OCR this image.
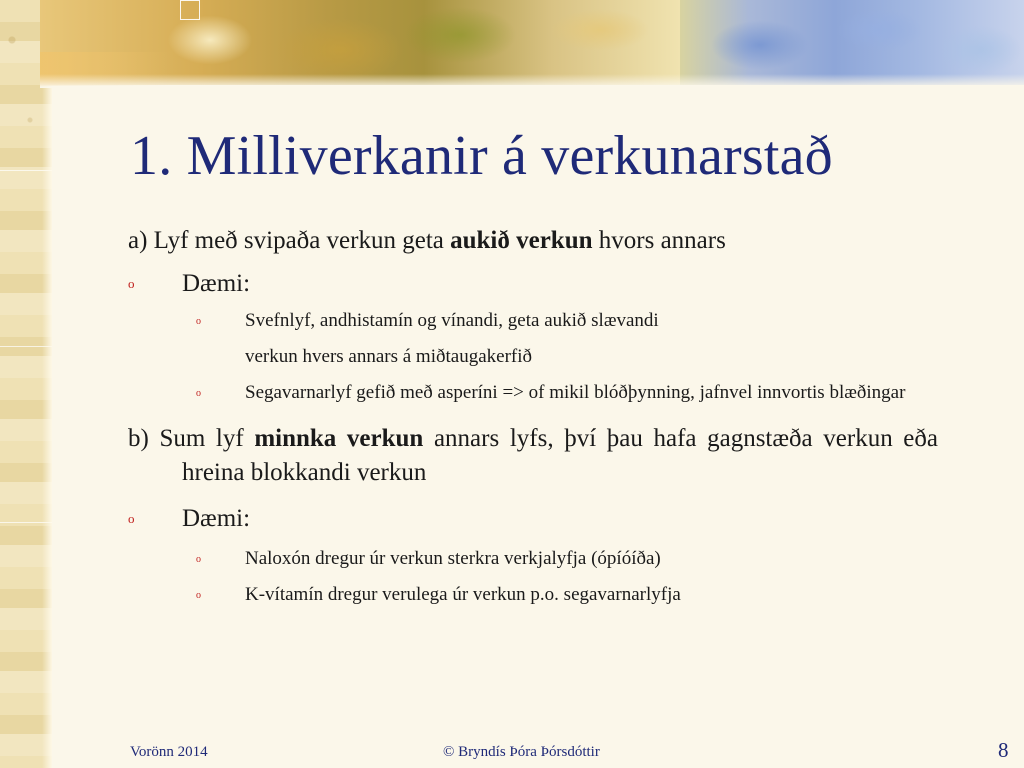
1. Milliverkanir á verkunarstað

a) Lyf með svipaða verkun geta aukið verkun hvors annars

o Dæmi:

o Svefnlyf, andhistamín og vínandi, geta aukið slævandi

verkun hvers annars á miðtaugakerfið

o Segavarnarlyf gefið með asperíni => of mikil blóðþynning, jafnvel innvortis blæðingar

b) Sum lyf minnka verkun annars lyfs, því þau hafa gagnstæða verkun eða hreina blokkandi verkun

o Dæmi:

o Naloxón dregur úr verkun sterkra verkjalyfja (ópíóíða)

o K-vítamín dregur verulega úr verkun p.o. segavarnarlyfja

Vorönn 2014	© Bryndís Þóra Þórsdóttir	8
